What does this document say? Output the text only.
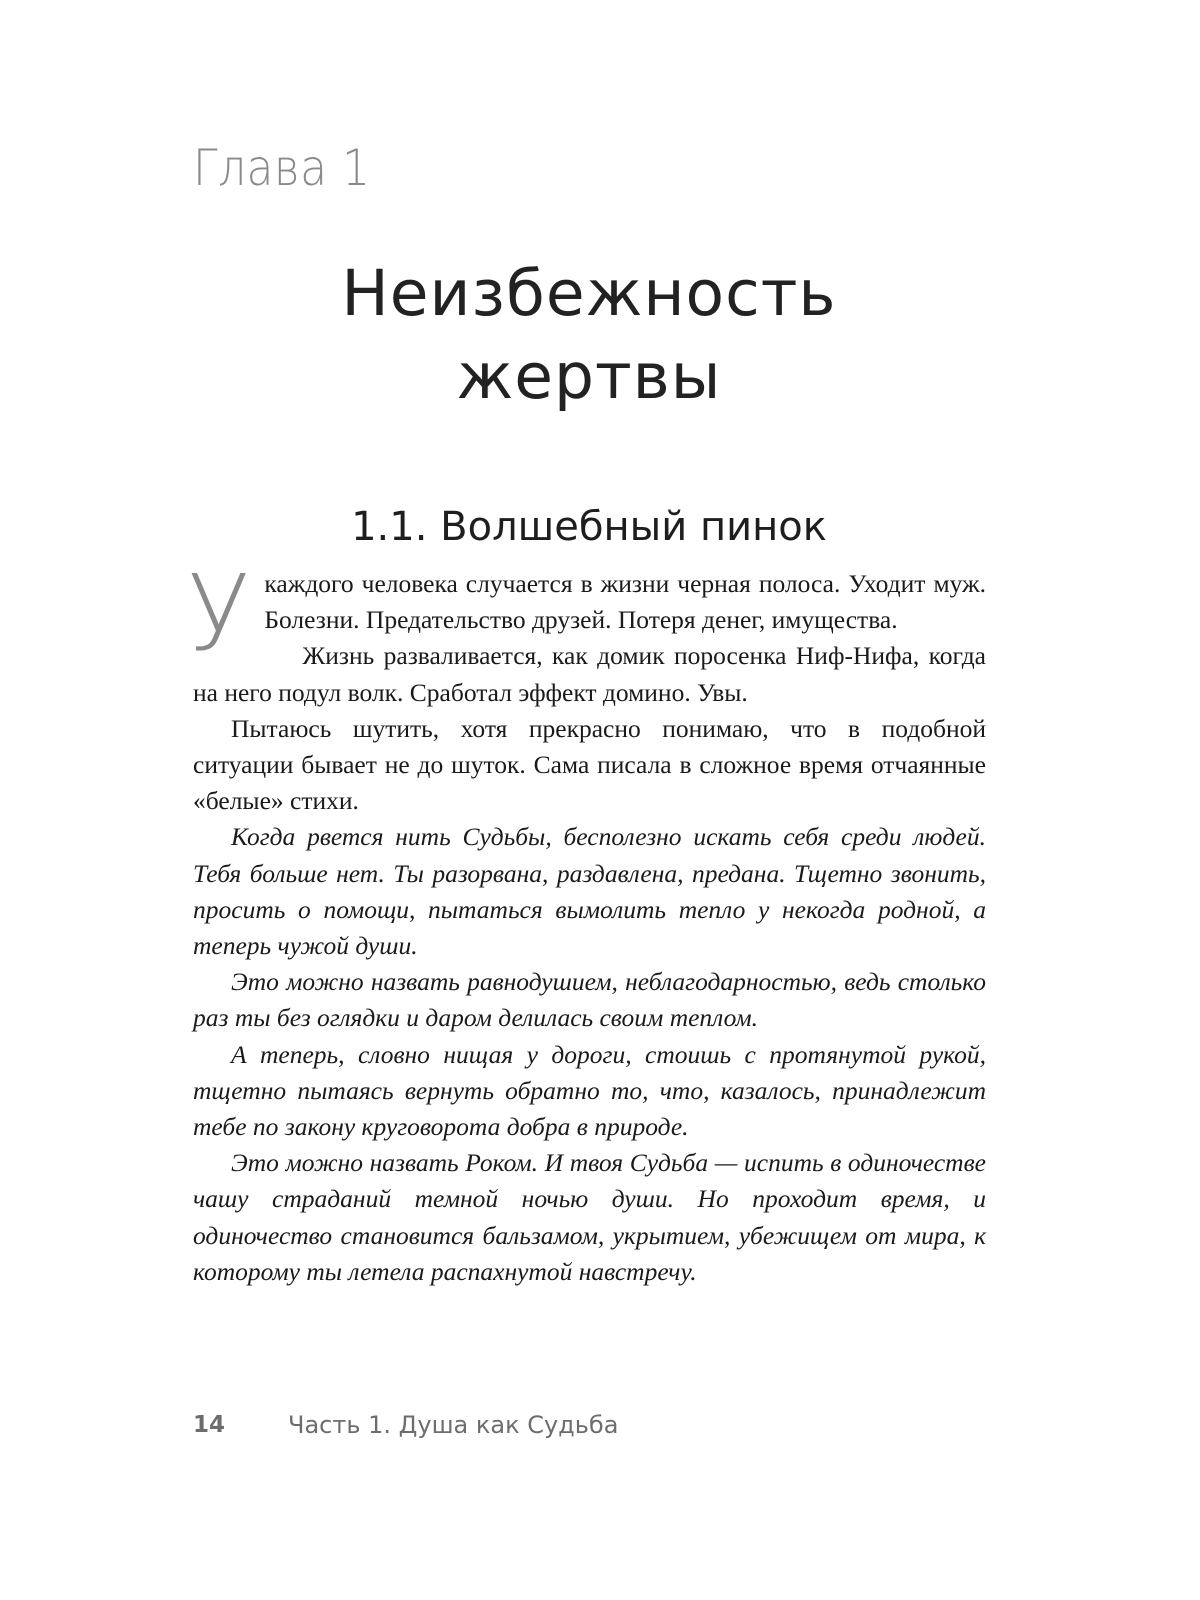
Глава 1
Неизбежность
жертвы
1.1. Волшебный пинок

Укаждого человека случается в жизни черная полоса. Уходит муж. Болезни. Предательство друзей. Потеря денег, имущества.

Жизнь разваливается, как домик поросенка Ниф-Нифа, когда на него подул волк. Сработал эффект домино. Увы.

Пытаюсь шутить, хотя прекрасно понимаю, что в подобной ситуации бывает не до шуток. Сама писала в сложное время отчаянные «белые» стихи.

Когда рвется нить Судьбы, бесполезно искать себя среди людей. Тебя больше нет. Ты разорвана, раздавлена, предана. Тщетно звонить, просить о помощи, пытаться вымолить тепло у некогда родной, а теперь чужой души.

Это можно назвать равнодушием, неблагодарностью, ведь столько раз ты без оглядки и даром делилась своим теплом.

А теперь, словно нищая у дороги, стоишь с протянутой рукой, тщетно пытаясь вернуть обратно то, что, казалось, принадлежит тебе по закону круговорота добра в природе.

Это можно назвать Роком. И твоя Судьба — испить в одиночестве чашу страданий темной ночью души. Но проходит время, и одиночество становится бальзамом, укрытием, убежищем от мира, к которому ты летела распахнутой навстречу.

14	Часть 1. Душа как Судьба
